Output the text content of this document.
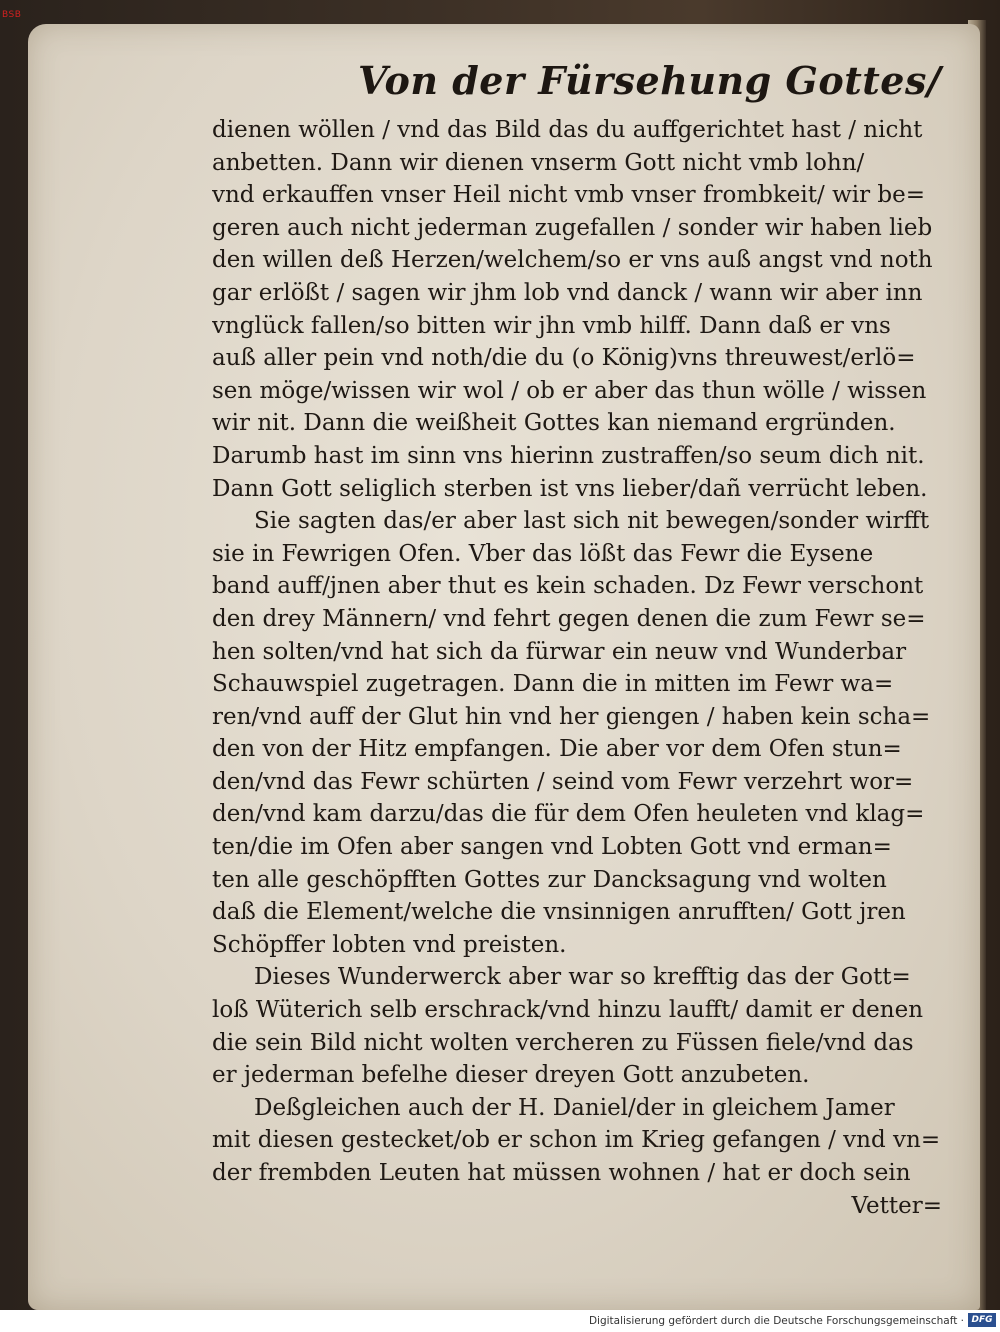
BSB
Von der Fürsehung Gottes/
dienen wöllen / vnd das Bild das du auffgerichtet hast / nicht
anbetten. Dann wir dienen vnserm Gott nicht vmb lohn/
vnd erkauffen vnser Heil nicht vmb vnser frombkeit/ wir be=
geren auch nicht jederman zugefallen / sonder wir haben lieb
den willen deß Herzen/welchem/so er vns auß angst vnd noth
gar erlößt / sagen wir jhm lob vnd danck / wann wir aber inn
vnglück fallen/so bitten wir jhn vmb hilff. Dann daß er vns
auß aller pein vnd noth/die du (o König)vns threuwest/erlö=
sen möge/wissen wir wol / ob er aber das thun wölle / wissen
wir nit. Dann die weißheit Gottes kan niemand ergründen.
Darumb hast im sinn vns hierinn zustraffen/so seum dich nit.
Dann Gott seliglich sterben ist vns lieber/dañ verrücht leben.
Sie sagten das/er aber last sich nit bewegen/sonder wirfft
sie in Fewrigen Ofen. Vber das lößt das Fewr die Eysene
band auff/jnen aber thut es kein schaden. Dz Fewr verschont
den drey Männern/ vnd fehrt gegen denen die zum Fewr se=
hen solten/vnd hat sich da fürwar ein neuw vnd Wunderbar
Schauwspiel zugetragen. Dann die in mitten im Fewr wa=
ren/vnd auff der Glut hin vnd her giengen / haben kein scha=
den von der Hitz empfangen. Die aber vor dem Ofen stun=
den/vnd das Fewr schürten / seind vom Fewr verzehrt wor=
den/vnd kam darzu/das die für dem Ofen heuleten vnd klag=
ten/die im Ofen aber sangen vnd Lobten Gott vnd erman=
ten alle geschöpfften Gottes zur Dancksagung vnd wolten
daß die Element/welche die vnsinnigen anrufften/ Gott jren
Schöpffer lobten vnd preisten.
Dieses Wunderwerck aber war so krefftig das der Gott=
loß Wüterich selb erschrack/vnd hinzu laufft/ damit er denen
die sein Bild nicht wolten vercheren zu Füssen fiele/vnd das
er jederman befelhe dieser dreyen Gott anzubeten.
Deßgleichen auch der H. Daniel/der in gleichem Jamer
mit diesen gestecket/ob er schon im Krieg gefangen / vnd vn=
der frembden Leuten hat müssen wohnen / hat er doch sein
Vetter=
Digitalisierung gefördert durch die Deutsche Forschungsgemeinschaft · DFG
